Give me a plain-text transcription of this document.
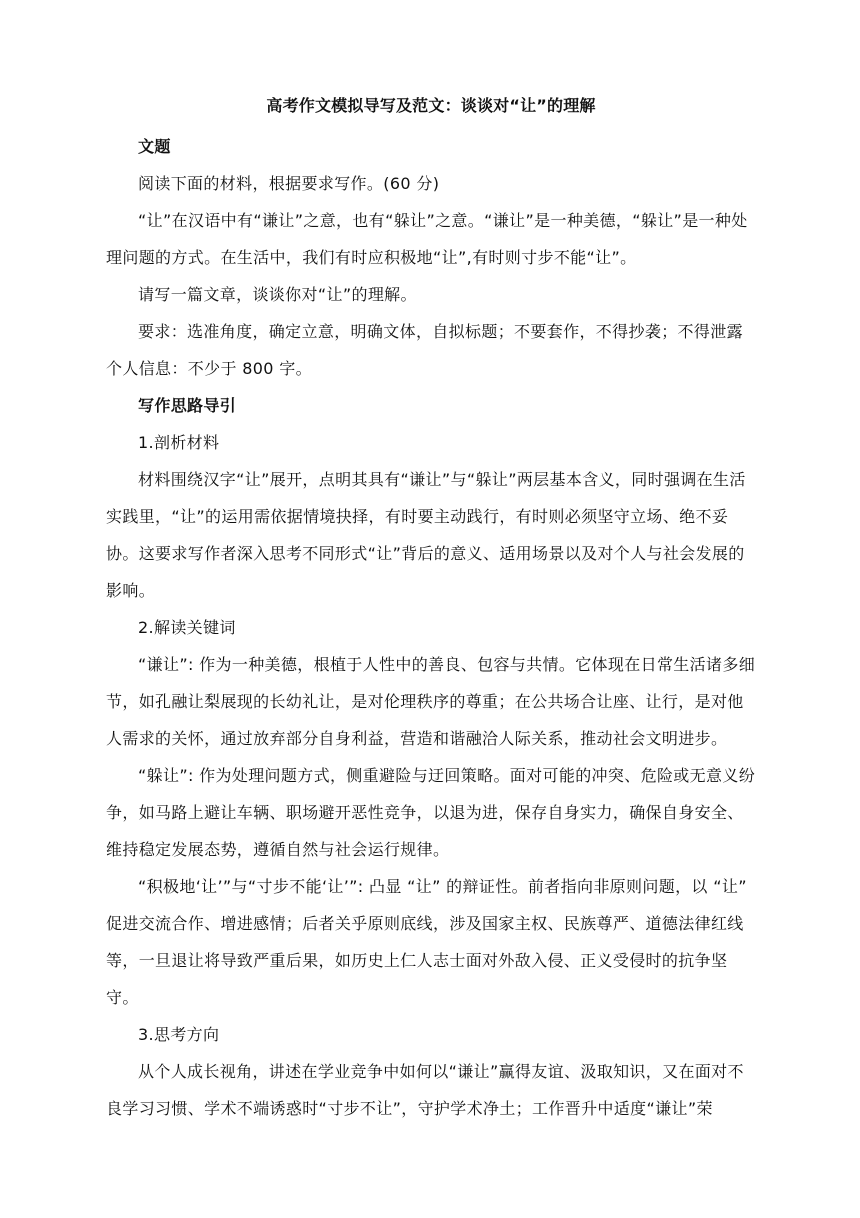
高考作文模拟导写及范文：谈谈对“让”的理解

文题

阅读下面的材料，根据要求写作。(60 分)

“让”在汉语中有“谦让”之意，也有“躲让”之意。“谦让”是一种美德，“躲让”是一种处理问题的方式。在生活中，我们有时应积极地“让”,有时则寸步不能“让”。

请写一篇文章，谈谈你对“让”的理解。

要求：选准角度，确定立意，明确文体，自拟标题；不要套作，不得抄袭；不得泄露个人信息：不少于 800 字。

写作思路导引

1.剖析材料

材料围绕汉字“让”展开，点明其具有“谦让”与“躲让”两层基本含义，同时强调在生活实践里，“让”的运用需依据情境抉择，有时要主动践行，有时则必须坚守立场、绝不妥协。这要求写作者深入思考不同形式“让”背后的意义、适用场景以及对个人与社会发展的影响。

2.解读关键词

“谦让”: 作为一种美德，根植于人性中的善良、包容与共情。它体现在日常生活诸多细节，如孔融让梨展现的长幼礼让，是对伦理秩序的尊重；在公共场合让座、让行，是对他人需求的关怀，通过放弃部分自身利益，营造和谐融洽人际关系，推动社会文明进步。

“躲让”: 作为处理问题方式，侧重避险与迂回策略。面对可能的冲突、危险或无意义纷争，如马路上避让车辆、职场避开恶性竞争，以退为进，保存自身实力，确保自身安全、维持稳定发展态势，遵循自然与社会运行规律。

“积极地‘让’”与“寸步不能‘让’”: 凸显 “让” 的辩证性。前者指向非原则问题，以 “让” 促进交流合作、增进感情；后者关乎原则底线，涉及国家主权、民族尊严、道德法律红线等，一旦退让将导致严重后果，如历史上仁人志士面对外敌入侵、正义受侵时的抗争坚守。

3.思考方向

从个人成长视角，讲述在学业竞争中如何以“谦让”赢得友谊、汲取知识，又在面对不良学习习惯、学术不端诱惑时“寸步不让”，守护学术净土；工作晋升中适度“谦让”荣
